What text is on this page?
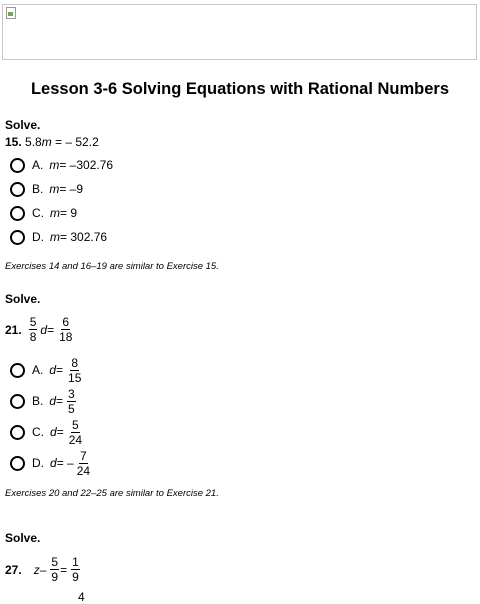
Lesson 3-6 Solving Equations with Rational Numbers
Solve.
15. 5.8m = – 52.2
A. m = –302.76
B. m = –9
C. m = 9
D. m = 302.76
Exercises 14 and 16–19 are similar to Exercise 15.
Solve.
21. $\frac{5}{8}$ $d = \frac{6}{18}$
A. $d = \frac{8}{15}$
B. $d = \frac{3}{5}$
C. $d = \frac{5}{24}$
D. d = – $\frac{7}{24}$
Exercises 20 and 22–25 are similar to Exercise 21.
Solve.
27. $z - \frac{5}{9} = \frac{1}{9}$
4
